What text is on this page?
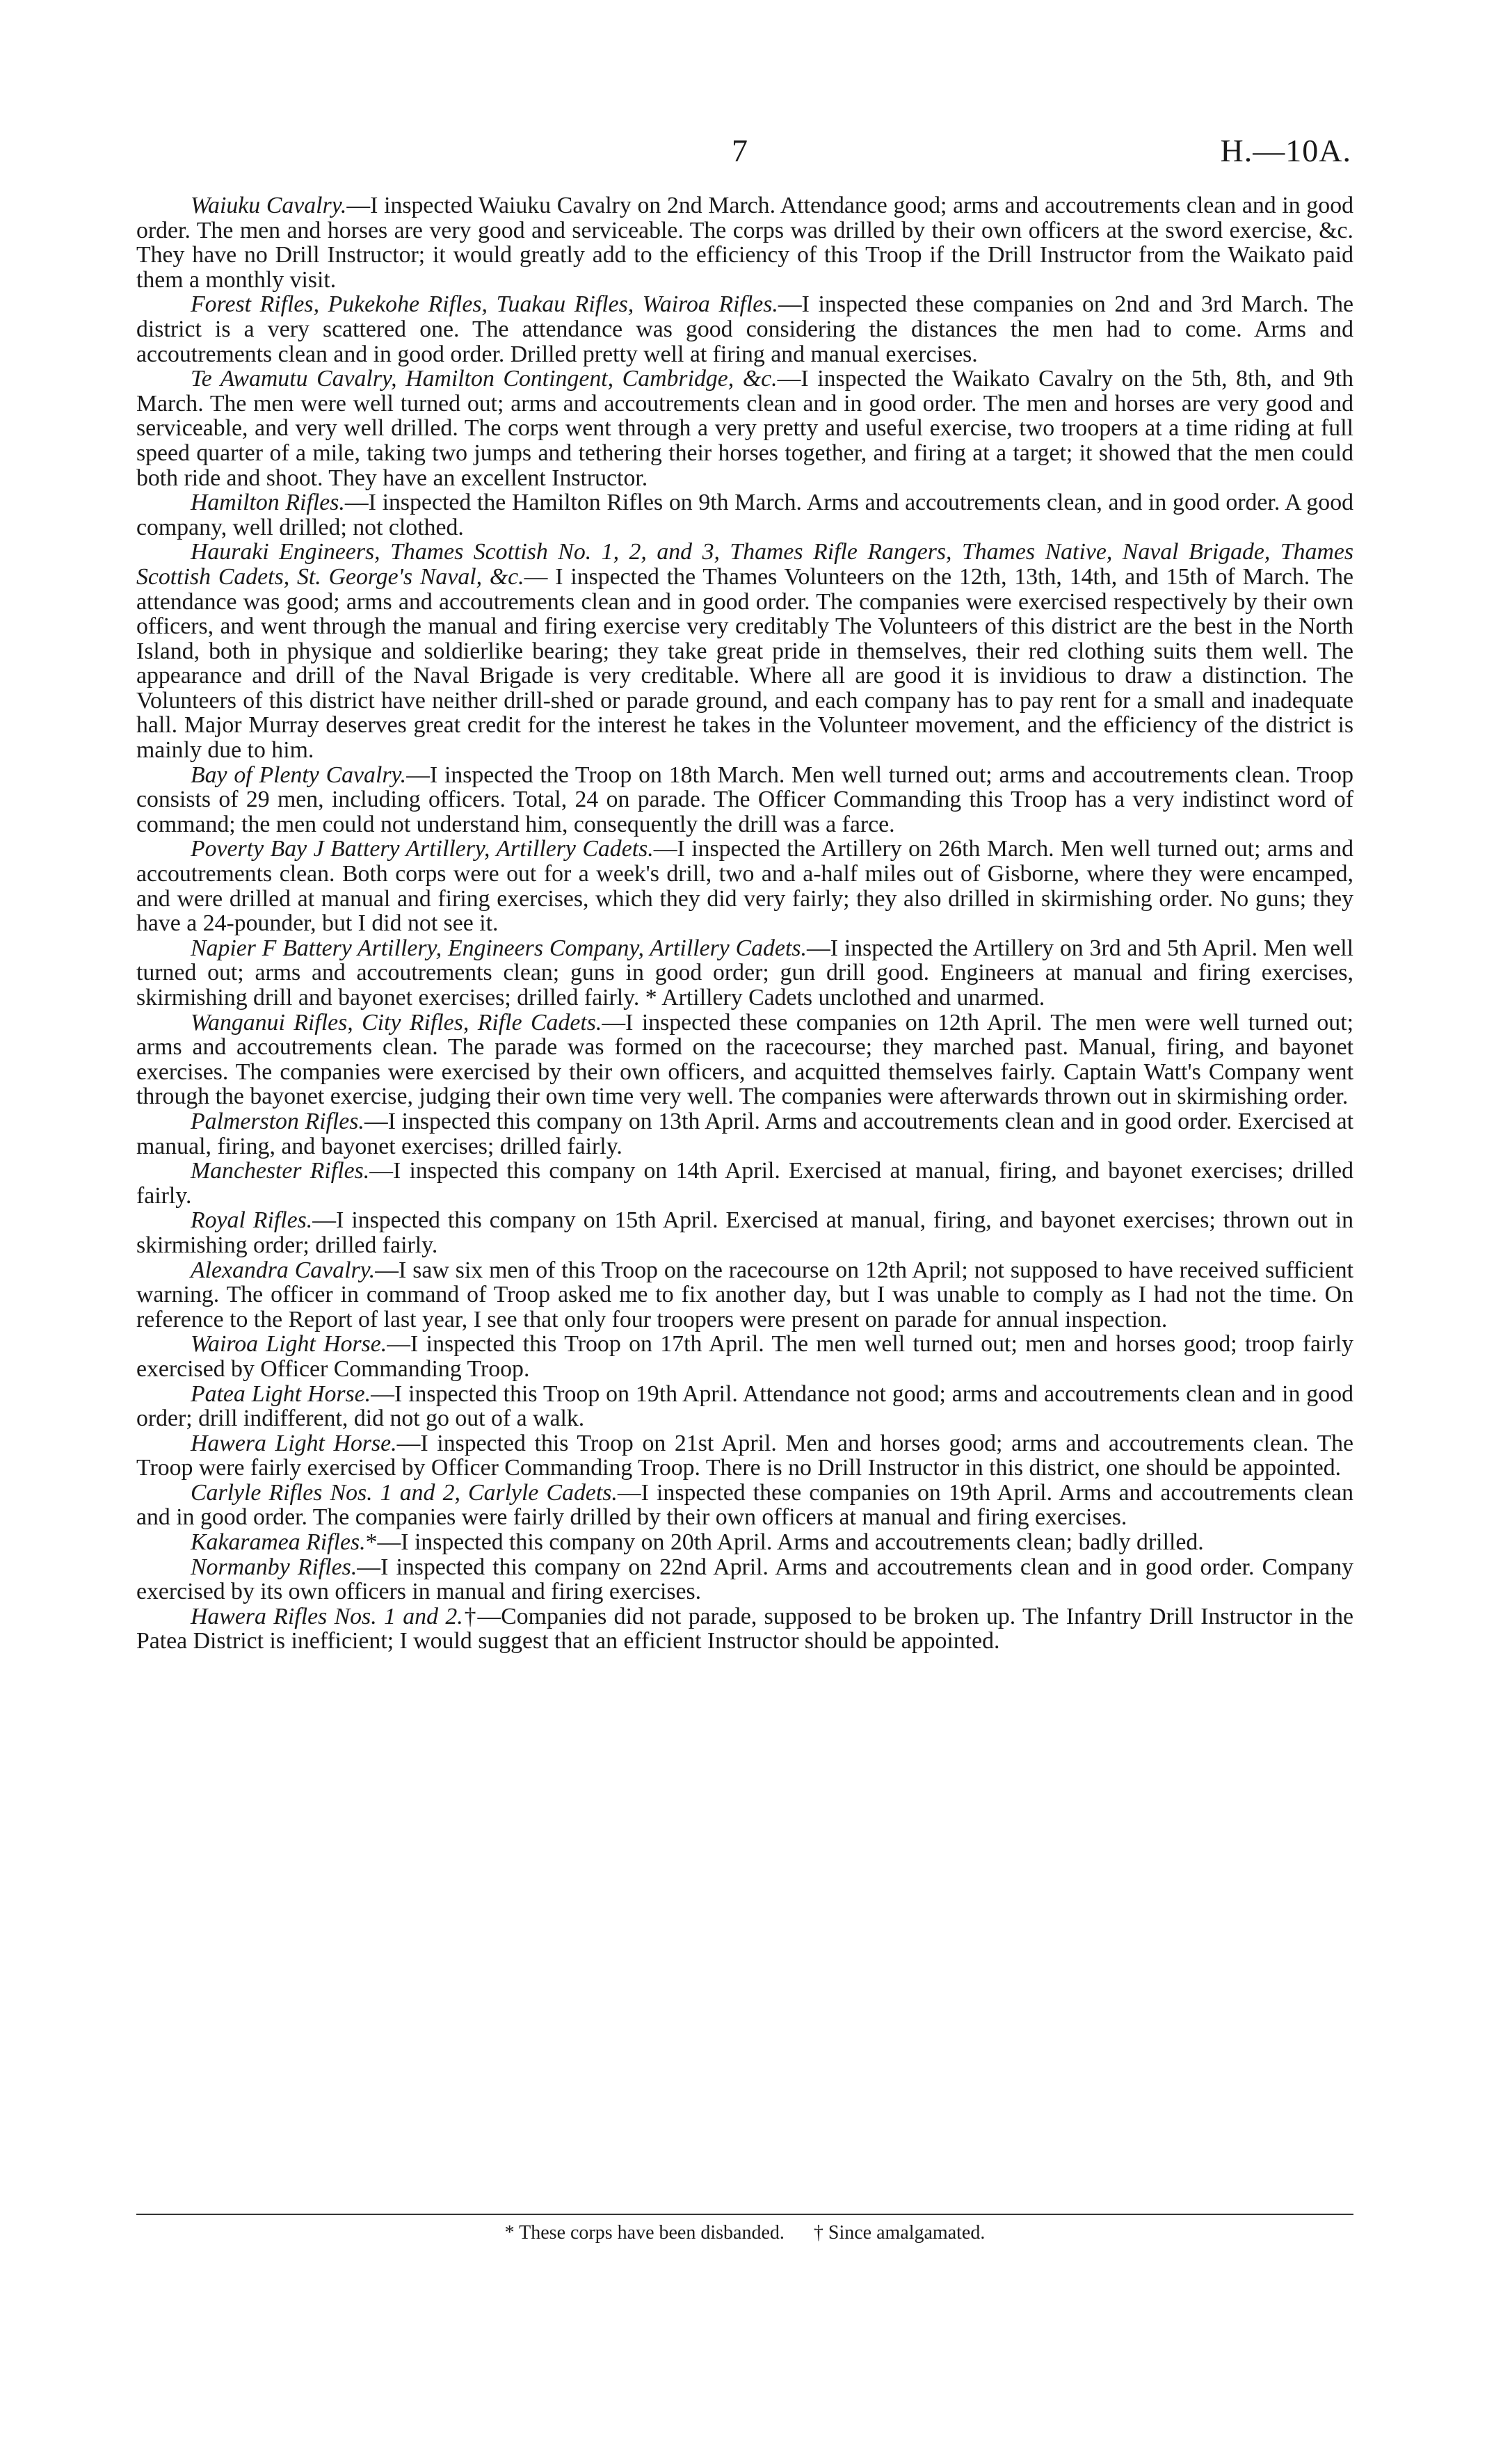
7	H.—10A.

Waiuku Cavalry.—I inspected Waiuku Cavalry on 2nd March. Attendance good; arms and accoutrements clean and in good order. The men and horses are very good and serviceable. The corps was drilled by their own officers at the sword exercise, &c. They have no Drill Instructor; it would greatly add to the efficiency of this Troop if the Drill Instructor from the Waikato paid them a monthly visit.

Forest Rifles, Pukekohe Rifles, Tuakau Rifles, Wairoa Rifles.—I inspected these companies on 2nd and 3rd March. The district is a very scattered one. The attendance was good considering the distances the men had to come. Arms and accoutrements clean and in good order. Drilled pretty well at firing and manual exercises.

Te Awamutu Cavalry, Hamilton Contingent, Cambridge, &c.—I inspected the Waikato Cavalry on the 5th, 8th, and 9th March. The men were well turned out; arms and accoutrements clean and in good order. The men and horses are very good and serviceable, and very well drilled. The corps went through a very pretty and useful exercise, two troopers at a time riding at full speed quarter of a mile, taking two jumps and tethering their horses together, and firing at a target; it showed that the men could both ride and shoot. They have an excellent Instructor.

Hamilton Rifles.—I inspected the Hamilton Rifles on 9th March. Arms and accoutrements clean, and in good order. A good company, well drilled; not clothed.

Hauraki Engineers, Thames Scottish No. 1, 2, and 3, Thames Rifle Rangers, Thames Native, Naval Brigade, Thames Scottish Cadets, St. George's Naval, &c.— I inspected the Thames Volunteers on the 12th, 13th, 14th, and 15th of March. The attendance was good; arms and accoutrements clean and in good order. The companies were exercised respectively by their own officers, and went through the manual and firing exercise very creditably The Volunteers of this district are the best in the North Island, both in physique and soldierlike bearing; they take great pride in themselves, their red clothing suits them well. The appearance and drill of the Naval Brigade is very creditable. Where all are good it is invidious to draw a distinction. The Volunteers of this district have neither drill-shed or parade ground, and each company has to pay rent for a small and inadequate hall. Major Murray deserves great credit for the interest he takes in the Volunteer movement, and the efficiency of the district is mainly due to him.

Bay of Plenty Cavalry.—I inspected the Troop on 18th March. Men well turned out; arms and accoutrements clean. Troop consists of 29 men, including officers. Total, 24 on parade. The Officer Commanding this Troop has a very indistinct word of command; the men could not understand him, consequently the drill was a farce.

Poverty Bay J Battery Artillery, Artillery Cadets.—I inspected the Artillery on 26th March. Men well turned out; arms and accoutrements clean. Both corps were out for a week's drill, two and a-half miles out of Gisborne, where they were encamped, and were drilled at manual and firing exercises, which they did very fairly; they also drilled in skirmishing order. No guns; they have a 24-pounder, but I did not see it.

Napier F Battery Artillery, Engineers Company, Artillery Cadets.—I inspected the Artillery on 3rd and 5th April. Men well turned out; arms and accoutrements clean; guns in good order; gun drill good. Engineers at manual and firing exercises, skirmishing drill and bayonet exercises; drilled fairly. * Artillery Cadets unclothed and unarmed.

Wanganui Rifles, City Rifles, Rifle Cadets.—I inspected these companies on 12th April. The men were well turned out; arms and accoutrements clean. The parade was formed on the racecourse; they marched past. Manual, firing, and bayonet exercises. The companies were exercised by their own officers, and acquitted themselves fairly. Captain Watt's Company went through the bayonet exercise, judging their own time very well. The companies were afterwards thrown out in skirmishing order.

Palmerston Rifles.—I inspected this company on 13th April. Arms and accoutrements clean and in good order. Exercised at manual, firing, and bayonet exercises; drilled fairly.

Manchester Rifles.—I inspected this company on 14th April. Exercised at manual, firing, and bayonet exercises; drilled fairly.

Royal Rifles.—I inspected this company on 15th April. Exercised at manual, firing, and bayonet exercises; thrown out in skirmishing order; drilled fairly.

Alexandra Cavalry.—I saw six men of this Troop on the racecourse on 12th April; not supposed to have received sufficient warning. The officer in command of Troop asked me to fix another day, but I was unable to comply as I had not the time. On reference to the Report of last year, I see that only four troopers were present on parade for annual inspection.

Wairoa Light Horse.—I inspected this Troop on 17th April. The men well turned out; men and horses good; troop fairly exercised by Officer Commanding Troop.

Patea Light Horse.—I inspected this Troop on 19th April. Attendance not good; arms and accoutrements clean and in good order; drill indifferent, did not go out of a walk.

Hawera Light Horse.—I inspected this Troop on 21st April. Men and horses good; arms and accoutrements clean. The Troop were fairly exercised by Officer Commanding Troop. There is no Drill Instructor in this district, one should be appointed.

Carlyle Rifles Nos. 1 and 2, Carlyle Cadets.—I inspected these companies on 19th April. Arms and accoutrements clean and in good order. The companies were fairly drilled by their own officers at manual and firing exercises.

Kakaramea Rifles.*—I inspected this company on 20th April. Arms and accoutrements clean; badly drilled.

Normanby Rifles.—I inspected this company on 22nd April. Arms and accoutrements clean and in good order. Company exercised by its own officers in manual and firing exercises.

Hawera Rifles Nos. 1 and 2.†—Companies did not parade, supposed to be broken up. The Infantry Drill Instructor in the Patea District is inefficient; I would suggest that an efficient Instructor should be appointed.

* These corps have been disbanded.      † Since amalgamated.
